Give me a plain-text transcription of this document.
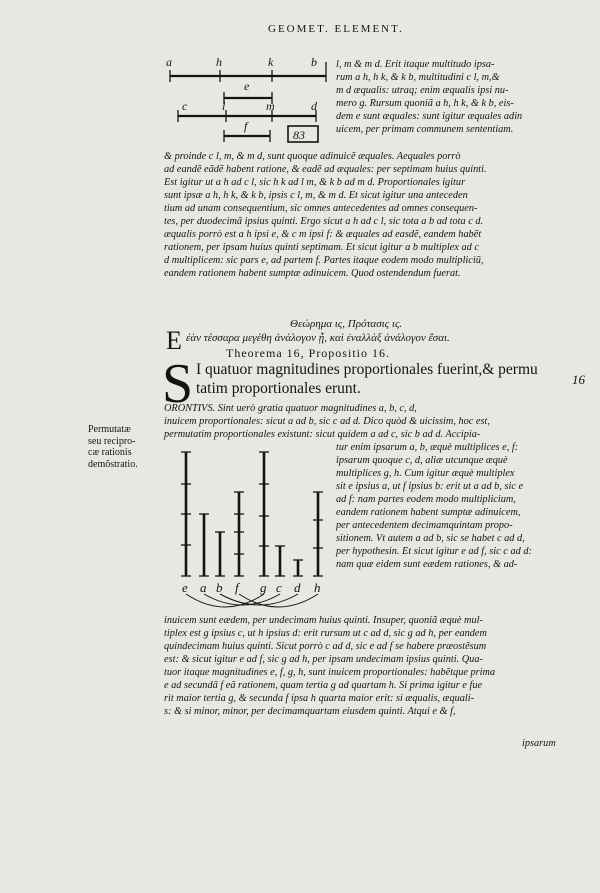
GEOMET. ELEMENT.
16
a	h	k	b
e
c	l	m	d
f
83
l, m & m d. Erit itaque multitudo ipsa-
rum a h, h k, & k b, multitudini c l, m,&
m d æqualis: utraq; enim æqualis ipsi nu-
mero g. Rursum quoniã a h, h k, & k b, eis-
dem e sunt æquales: sunt igitur æquales adin
uicem, per primam communem sententiam.
& proinde c l, m, & m d, sunt quoque adinuicẽ æquales. Aequales porrò
ad eandẽ eãdẽ habent ratione, & eadẽ ad æquales: per septimam huius quinti.
Est igitur ut a h ad c l, sic h k ad l m, & k b ad m d. Proportionales igitur
sunt ipsæ a h, h k, & k b, ipsis c l, m, & m d. Et sicut igitur una anteceden
tium ad unam consequentium, sic omnes antecedentes ad omnes consequen-
tes, per duodecimã ipsius quinti. Ergo sicut a h ad c l, sic tota a b ad tota c d.
æqualis porrò est a h ipsi e, & c m ipsi f: & æquales ad easdẽ, eandem habẽt
rationem, per ipsam huius quinti septimam. Et sicut igitur a b multiplex ad c
d multiplicem: sic pars e, ad partem f. Partes itaque eodem modo multipliciũ,
eandem rationem habent sumptæ adinuicem. Quod ostendendum fuerat.
Θεώρημα ις, Πρότασις ις.
E ἐὰν τέσσαρα μεγέθη ἀνάλογον ᾖ, καὶ ἐναλλὰξ ἀνάλογον ἔσαι.
Theorema 16, Propositio 16.
S I quatuor magnitudines proportionales fuerint,& permu
tatim proportionales erunt.
Permutatæ
seu recipro-
cæ rationis
demõstratio.
ORONTIVS. Sint uerò gratia quatuor magnitudines a, b, c, d,
inuicem proportionales: sicut a ad b, sic c ad d. Dico quòd & uicissim, hoc est,
permutatim proportionales existunt: sicut quidem a ad c, sic b ad d. Accipia-
e a b f g c d h
tur enim ipsarum a, b, æquè multiplices e, f:
ipsarum quoque c, d, aliæ utcunque æquè
multiplices g, h. Cum igitur æquè multiplex
sit e ipsius a, ut f ipsius b: erit ut a ad b, sic e
ad f: nam partes eodem modo multiplicium,
eandem rationem habent sumptæ adinuicem,
per antecedentem decimamquintam propo-
sitionem. Vt autem a ad b, sic se habet c ad d,
per hypothesin. Et sicut igitur e ad f, sic c ad d:
nam quæ eidem sunt eædem rationes, & ad-
inuicem sunt eædem, per undecimam huius quinti. Insuper, quoniã æquè mul-
tiplex est g ipsius c, ut h ipsius d: erit rursum ut c ad d, sic g ad h, per eandem
quindecimam huius quinti. Sicut porrò c ad d, sic e ad f se habere præostẽsum
est: & sicut igitur e ad f, sic g ad h, per ipsam undecimam ipsius quinti. Qua-
tuor itaque magnitudines e, f, g, h, sunt inuicem proportionales: habẽtque prima
e ad secundã f eã rationem, quam tertia g ad quartam h. Si prima igitur e fue
rit maior tertia g, & secunda f ipsa h quarta maior erit: si æqualis, æquali-
s: & si minor, minor, per decimamquartam eiusdem quinti. Atqui e & f,
ipsarum
